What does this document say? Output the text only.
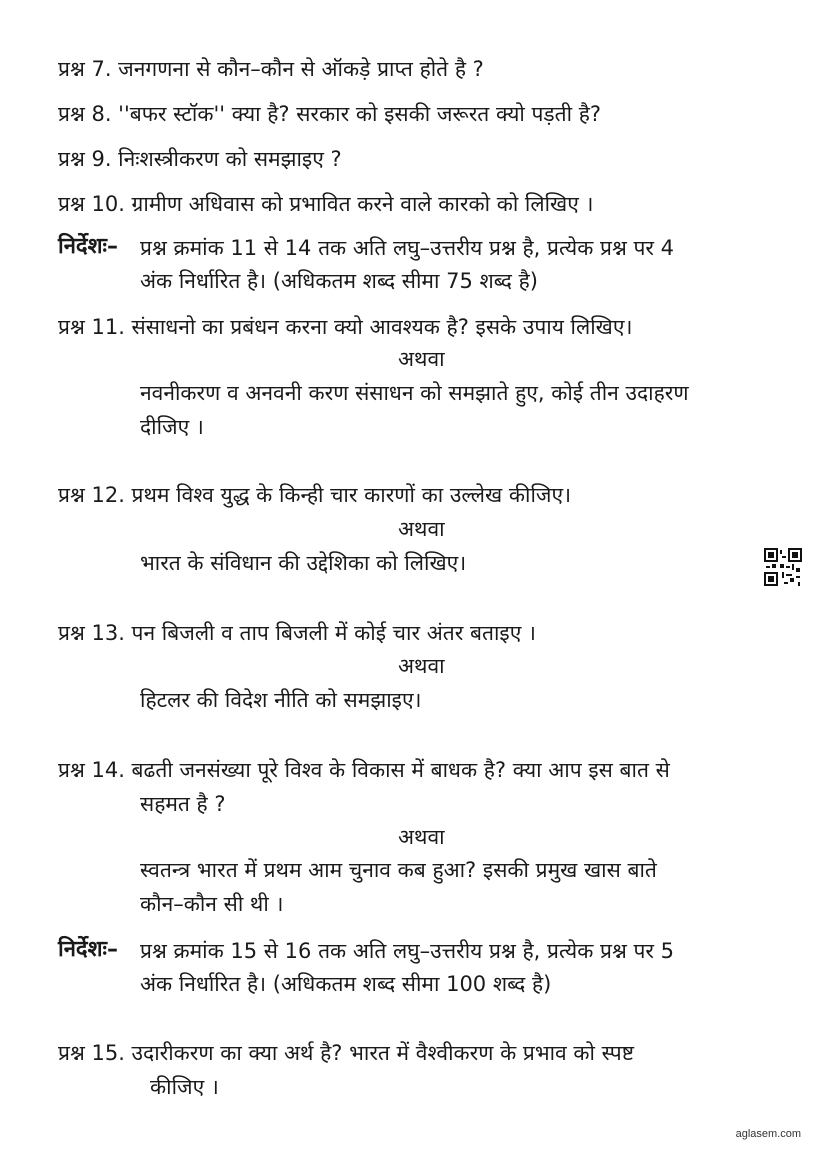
प्रश्न 7. जनगणना से कौन–कौन से ऑकड़े प्राप्त होते है ?
प्रश्न 8. ''बफर स्टॉक'' क्या है? सरकार को इसकी जरूरत क्यो पड़ती है?
प्रश्न 9. निःशस्त्रीकरण को समझाइए ?
प्रश्न 10. ग्रामीण अधिवास को प्रभावित करने वाले कारको को लिखिए ।
निर्देशः– प्रश्न क्रमांक 11 से 14 तक अति लघु–उत्तरीय प्रश्न है, प्रत्येक प्रश्न पर 4
अंक निर्धारित है। (अधिकतम शब्द सीमा 75 शब्द है)
प्रश्न 11. संसाधनो का प्रबंधन करना क्यो आवश्यक है? इसके उपाय लिखिए।
अथवा
नवनीकरण व अनवनी करण संसाधन को समझाते हुए, कोई तीन उदाहरण
दीजिए ।
प्रश्न 12. प्रथम विश्व युद्ध के किन्ही चार कारणों का उल्लेख कीजिए।
अथवा
भारत के संविधान की उद्देशिका को लिखिए।
प्रश्न 13. पन बिजली व ताप बिजली में कोई चार अंतर बताइए ।
अथवा
हिटलर की विदेश नीति को समझाइए।
प्रश्न 14. बढती जनसंख्या पूरे विश्व के विकास में बाधक है? क्या आप इस बात से
सहमत है ?
अथवा
स्वतन्त्र भारत में प्रथम आम चुनाव कब हुआ? इसकी प्रमुख खास बाते
कौन–कौन सी थी ।
निर्देशः– प्रश्न क्रमांक 15 से 16 तक अति लघु–उत्तरीय प्रश्न है, प्रत्येक प्रश्न पर 5
अंक निर्धारित है। (अधिकतम शब्द सीमा 100 शब्द है)
प्रश्न 15. उदारीकरण का क्या अर्थ है? भारत में वैश्वीकरण के प्रभाव को स्पष्ट
कीजिए ।
aglasem.com
